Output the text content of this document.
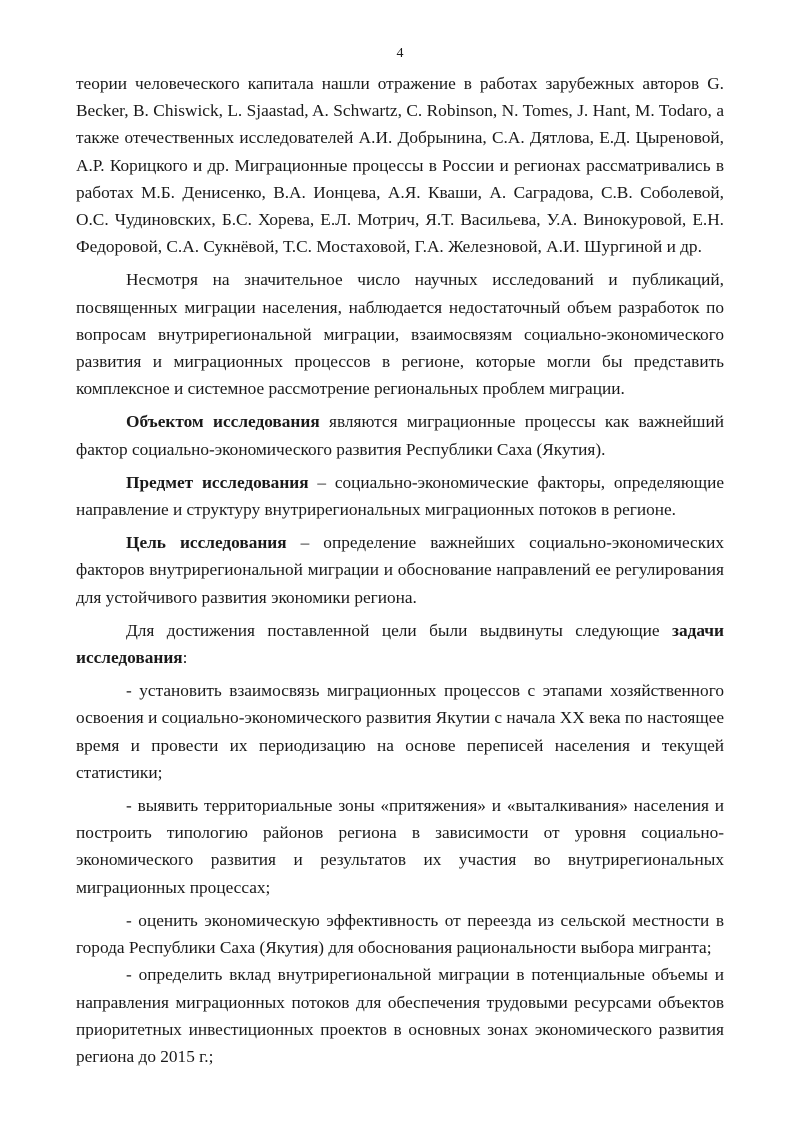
4

теории человеческого капитала нашли отражение в работах зарубежных авторов G. Becker, B. Chiswick, L. Sjaastad, A. Schwartz, C. Robinson, N. Tomes, J. Hant, M. Todaro, а также отечественных исследователей А.И. Добрынина, С.А. Дятлова, Е.Д. Цыреновой, А.Р. Корицкого и др. Миграционные процессы в России и регионах рассматривались в работах М.Б. Денисенко, В.А. Ионцева, А.Я. Кваши, А. Саградова, С.В. Соболевой, О.С. Чудиновских, Б.С. Хорева, Е.Л. Мотрич, Я.Т. Васильева, У.А. Винокуровой, Е.Н. Федоровой, С.А. Сукнёвой, Т.С. Мостаховой, Г.А. Железновой, А.И. Шургиной и др.

Несмотря на значительное число научных исследований и публикаций, посвященных миграции населения, наблюдается недостаточный объем разработок по вопросам внутрирегиональной миграции, взаимосвязям социально-экономического развития и миграционных процессов в регионе, которые могли бы представить комплексное и системное рассмотрение региональных проблем миграции.

Объектом исследования являются миграционные процессы как важнейший фактор социально-экономического развития Республики Саха (Якутия).

Предмет исследования – социально-экономические факторы, определяющие направление и структуру внутрирегиональных миграционных потоков в регионе.

Цель исследования – определение важнейших социально-экономических факторов внутрирегиональной миграции и обоснование направлений ее регулирования для устойчивого развития экономики региона.

Для достижения поставленной цели были выдвинуты следующие задачи исследования:

- установить взаимосвязь миграционных процессов с этапами хозяйственного освоения и социально-экономического развития Якутии с начала XX века по настоящее время и провести их периодизацию на основе переписей населения и текущей статистики;

- выявить территориальные зоны «притяжения» и «выталкивания» населения и построить типологию районов региона в зависимости от уровня социально-экономического развития и результатов их участия во внутрирегиональных миграционных процессах;

- оценить экономическую эффективность от переезда из сельской местности в города Республики Саха (Якутия) для обоснования рациональности выбора мигранта;

- определить вклад внутрирегиональной миграции в потенциальные объемы и направления миграционных потоков для обеспечения трудовыми ресурсами объектов приоритетных инвестиционных проектов в основных зонах экономического развития региона до 2015 г.;
